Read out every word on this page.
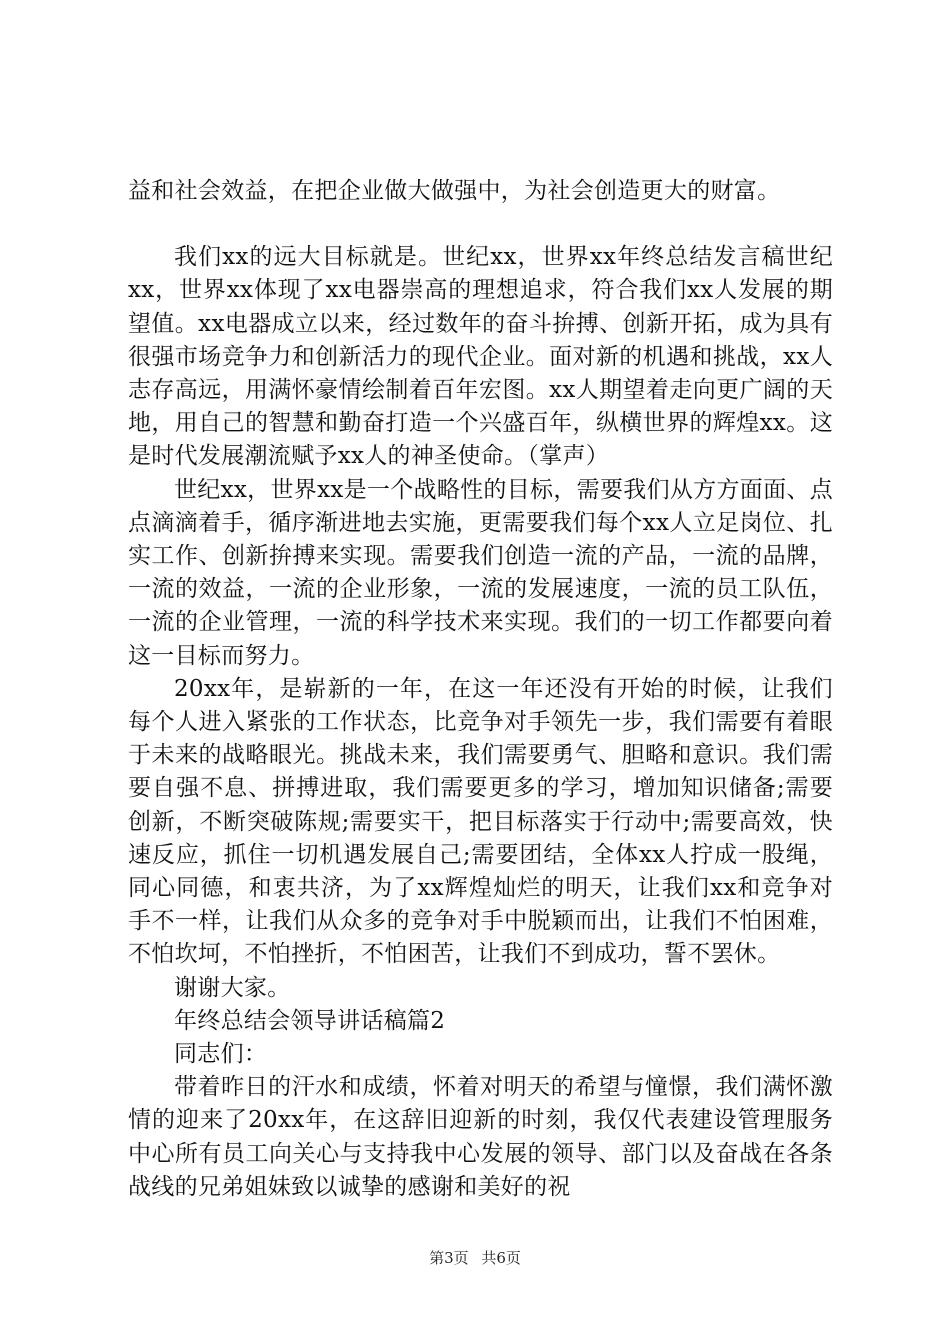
益和社会效益，在把企业做大做强中，为社会创造更大的财富。

我们xx的远大目标就是。世纪xx，世界xx年终总结发言稿世纪xx，世界xx体现了xx电器崇高的理想追求，符合我们xx人发展的期望值。xx电器成立以来，经过数年的奋斗拚搏、创新开拓，成为具有很强市场竞争力和创新活力的现代企业。面对新的机遇和挑战，xx人志存高远，用满怀豪情绘制着百年宏图。xx人期望着走向更广阔的天地，用自己的智慧和勤奋打造一个兴盛百年，纵横世界的辉煌xx。这是时代发展潮流赋予xx人的神圣使命。（掌声）

世纪xx，世界xx是一个战略性的目标，需要我们从方方面面、点点滴滴着手，循序渐进地去实施，更需要我们每个xx人立足岗位、扎实工作、创新拚搏来实现。需要我们创造一流的产品，一流的品牌，一流的效益，一流的企业形象，一流的发展速度，一流的员工队伍，一流的企业管理，一流的科学技术来实现。我们的一切工作都要向着这一目标而努力。

20xx年，是崭新的一年，在这一年还没有开始的时候，让我们每个人进入紧张的工作状态，比竞争对手领先一步，我们需要有着眼于未来的战略眼光。挑战未来，我们需要勇气、胆略和意识。我们需要自强不息、拼搏进取，我们需要更多的学习，增加知识储备;需要创新，不断突破陈规;需要实干，把目标落实于行动中;需要高效，快速反应，抓住一切机遇发展自己;需要团结，全体xx人拧成一股绳，同心同德，和衷共济，为了xx辉煌灿烂的明天，让我们xx和竞争对手不一样，让我们从众多的竞争对手中脱颖而出，让我们不怕困难，不怕坎坷，不怕挫折，不怕困苦，让我们不到成功，誓不罢休。

谢谢大家。

年终总结会领导讲话稿篇2

同志们：

带着昨日的汗水和成绩，怀着对明天的希望与憧憬，我们满怀激情的迎来了20xx年，在这辞旧迎新的时刻，我仅代表建设管理服务中心所有员工向关心与支持我中心发展的领导、部门以及奋战在各条战线的兄弟姐妹致以诚挚的感谢和美好的祝

第3页 共6页
